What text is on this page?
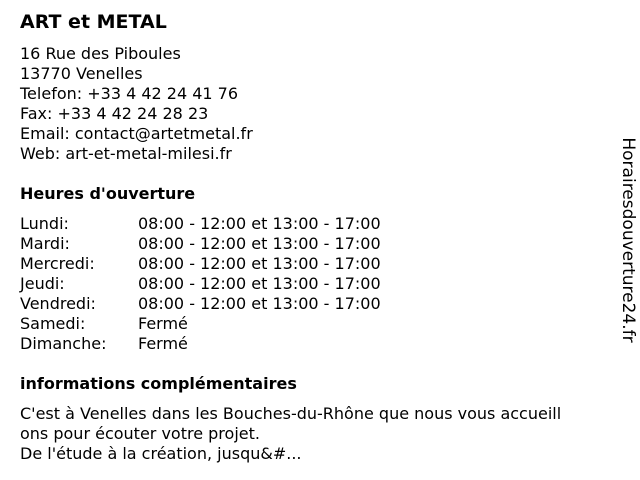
ART et METAL
16 Rue des Piboules
13770 Venelles
Telefon: +33 4 42 24 41 76
Fax: +33 4 42 24 28 23
Email: contact@artetmetal.fr
Web: art-et-metal-milesi.fr
Heures d'ouverture
Lundi:	08:00 - 12:00 et 13:00 - 17:00
Mardi:	08:00 - 12:00 et 13:00 - 17:00
Mercredi:	08:00 - 12:00 et 13:00 - 17:00
Jeudi:	08:00 - 12:00 et 13:00 - 17:00
Vendredi:	08:00 - 12:00 et 13:00 - 17:00
Samedi:	Fermé
Dimanche:	Fermé
informations complémentaires
C'est à Venelles dans les Bouches-du-Rhône que nous vous accueill
ons pour écouter votre projet.
De l'étude à la création, jusqu&#...
Horairesdouverture24.fr
